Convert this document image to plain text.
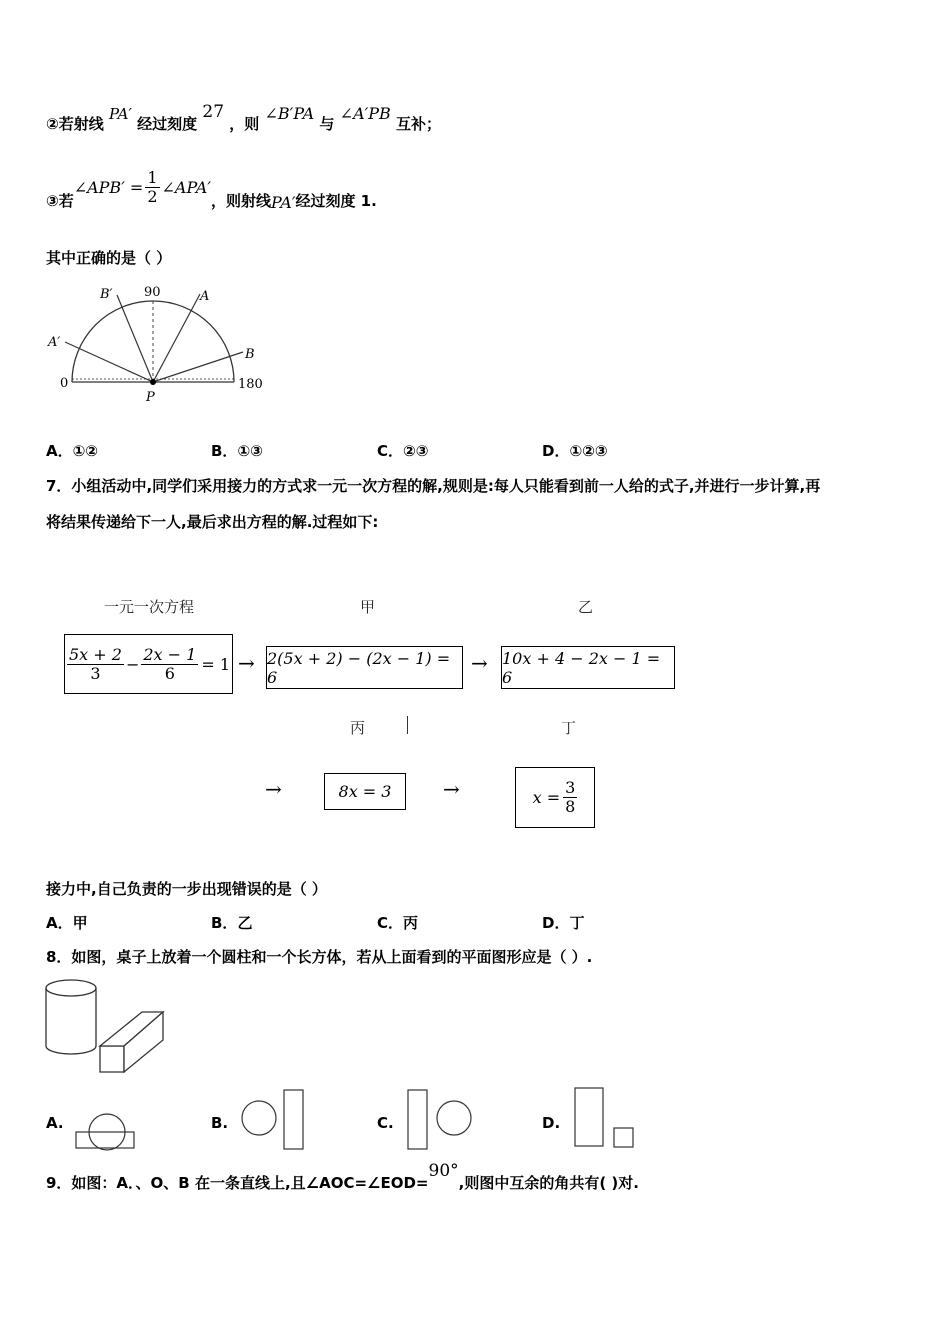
②若射线 PA′ 经过刻度 27 ，则 ∠B′PA 与 ∠A′PB 互补；
③若
∠APB′ = $\frac{1}{2}$ ∠APA′
，则射线 PA′ 经过刻度 1.
其中正确的是（ ）
90
B′	A
A′
B
0	180
P
A．①②	B．①③	C．②③	D．①②③
7．小组活动中,同学们采用接力的方式求一元一次方程的解,规则是:每人只能看到前一人给的式子,并进行一步计算,再
将结果传递给下一人,最后求出方程的解.过程如下:
一元一次方程	甲	乙
$\frac{5x + 2}{3} - \frac{2x - 1}{6} = 1 \to 2(5x + 2) - (2x - 1) = 6$
→ 10x + 4 − 2x − 1 = 6
丙	丁
→	8x = 3	→	$x = \frac{3}{8}$
接力中,自己负责的一步出现错误的是（ ）
A．甲	B．乙	C．丙	D．丁
8．如图，桌子上放着一个圆柱和一个长方体，若从上面看到的平面图形应是（ ）.
A.	B.	C.	D.
9．如图：A．、O、B 在一条直线上,且∠AOC=∠EOD=90°,则图中互余的角共有( )对.
